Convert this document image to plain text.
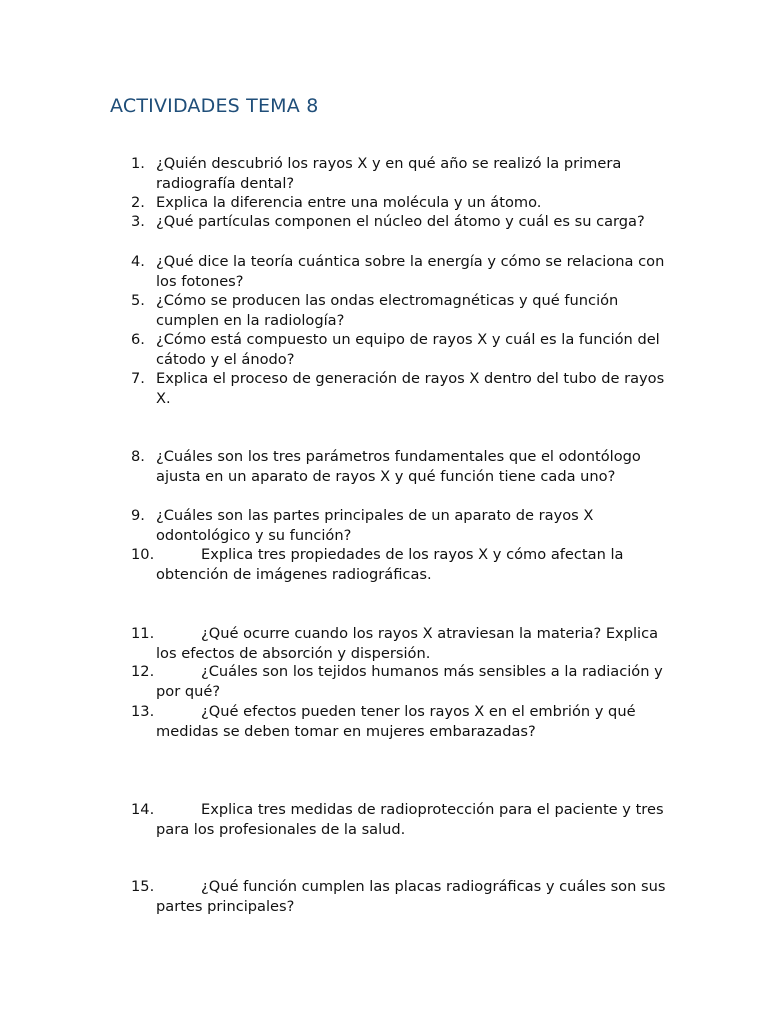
ACTIVIDADES TEMA 8
1. ¿Quién descubrió los rayos X y en qué año se realizó la primera radiografía dental?
2. Explica la diferencia entre una molécula y un átomo.
3. ¿Qué partículas componen el núcleo del átomo y cuál es su carga?
4. ¿Qué dice la teoría cuántica sobre la energía y cómo se relaciona con los fotones?
5. ¿Cómo se producen las ondas electromagnéticas y qué función cumplen en la radiología?
6. ¿Cómo está compuesto un equipo de rayos X y cuál es la función del cátodo y el ánodo?
7. Explica el proceso de generación de rayos X dentro del tubo de rayos X.
8. ¿Cuáles son los tres parámetros fundamentales que el odontólogo ajusta en un aparato de rayos X y qué función tiene cada uno?
9. ¿Cuáles son las partes principales de un aparato de rayos X odontológico y su función?
10.	Explica tres propiedades de los rayos X y cómo afectan la obtención de imágenes radiográficas.
11.	¿Qué ocurre cuando los rayos X atraviesan la materia? Explica los efectos de absorción y dispersión.
12.	¿Cuáles son los tejidos humanos más sensibles a la radiación y por qué?
13.	¿Qué efectos pueden tener los rayos X en el embrión y qué medidas se deben tomar en mujeres embarazadas?
14.	Explica tres medidas de radioprotección para el paciente y tres para los profesionales de la salud.
15.	¿Qué función cumplen las placas radiográficas y cuáles son sus partes principales?
